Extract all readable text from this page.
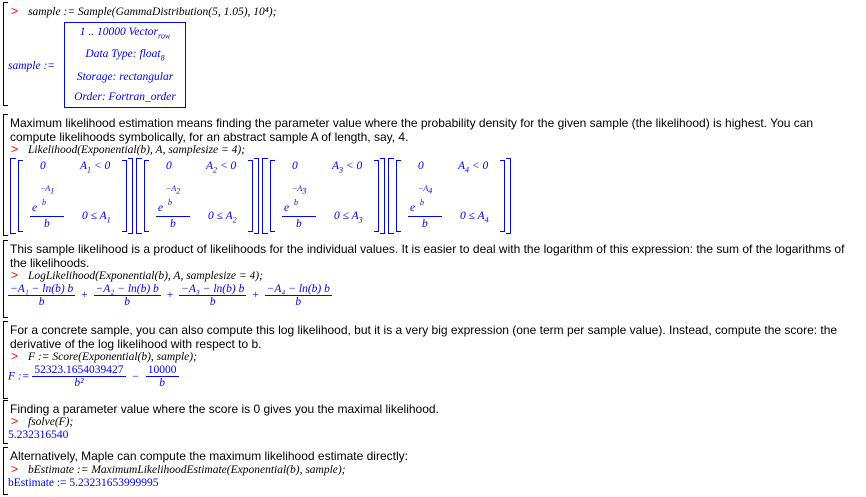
> sample := Sample(GammaDistribution(5, 1.05), 10⁴);
sample :=
1 .. 10000 Vector$_{row}$
Data Type: float$_8$
Storage: rectangular
Order: Fortran_order
Maximum likelihood estimation means finding the parameter value where the probability density for the given sample (the likelihood) is highest. You can compute likelihoods symbolically, for an abstract sample A of length, say, 4.
> Likelihood(Exponential(b), A, samplesize = 4);
0	$A_1 < 0$
$-A_1$
e b
b
$0 \le A_1$
0	$A_2 < 0$
$-A_2$
e b
b
$0 \le A_2$
0	$A_3 < 0$
$-A_3$
e b
b
$0 \le A_3$
0	$A_4 < 0$
$-A_4$
e b
b
$0 \le A_4$
This sample likelihood is a product of likelihoods for the individual values. It is easier to deal with the logarithm of this expression: the sum of the logarithms of the likelihoods.
> LogLikelihood(Exponential(b), A, samplesize = 4);
$\frac{\text{−A₁ − ln(b) b}}{b} + \frac{\text{−A₂ − ln(b) b}}{b} + \frac{\text{−A₃ − ln(b) b}}{b} + \frac{\text{−A₄ − ln(b) b}}{b}$
For a concrete sample, you can also compute this log likelihood, but it is a very big expression (one term per sample value). Instead, compute the score: the derivative of the log likelihood with respect to b.
> F := Score(Exponential(b), sample);
F := $\frac{52323.1654039427}{\text{b²}} - \frac{10000}{b}$
Finding a parameter value where the score is 0 gives you the maximal likelihood.
> fsolve(F);
5.232316540
Alternatively, Maple can compute the maximum likelihood estimate directly:
> bEstimate := MaximumLikelihoodEstimate(Exponential(b), sample);
bEstimate := 5.23231653999995
